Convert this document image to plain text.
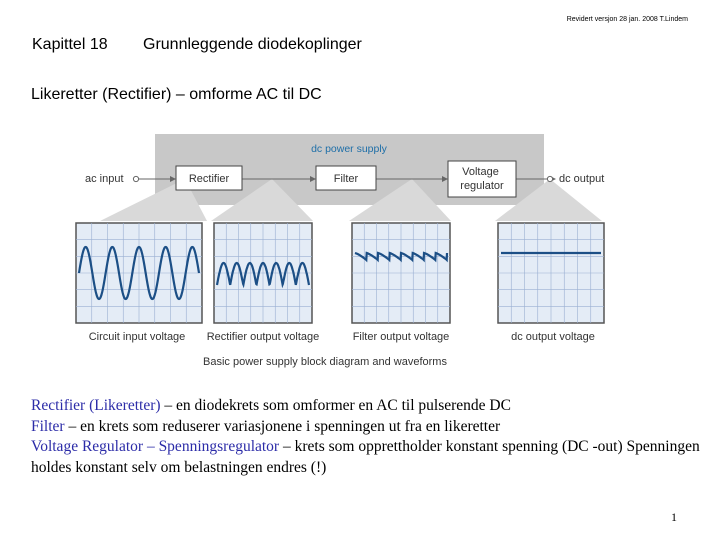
Revidert versjon 28 jan. 2008 T.Lindem
Kapittel 18 Grunnleggende diodekoplinger
Likeretter (Rectifier) – omforme AC til DC
dc power supply
ac input	dc output
Rectifier	Filter
Voltage regulator
Circuit input voltage Rectifier output voltage	Filter output voltage	dc output voltage
Basic power supply block diagram and waveforms

Rectifier (Likeretter) – en diodekrets som omformer en AC til pulserende DC

Filter – en krets som reduserer variasjonene i spenningen ut fra en likeretter

Voltage Regulator – Spenningsregulator – krets som opprettholder konstant spenning (DC -out) Spenningen holdes konstant selv om belastningen endres (!)

1
